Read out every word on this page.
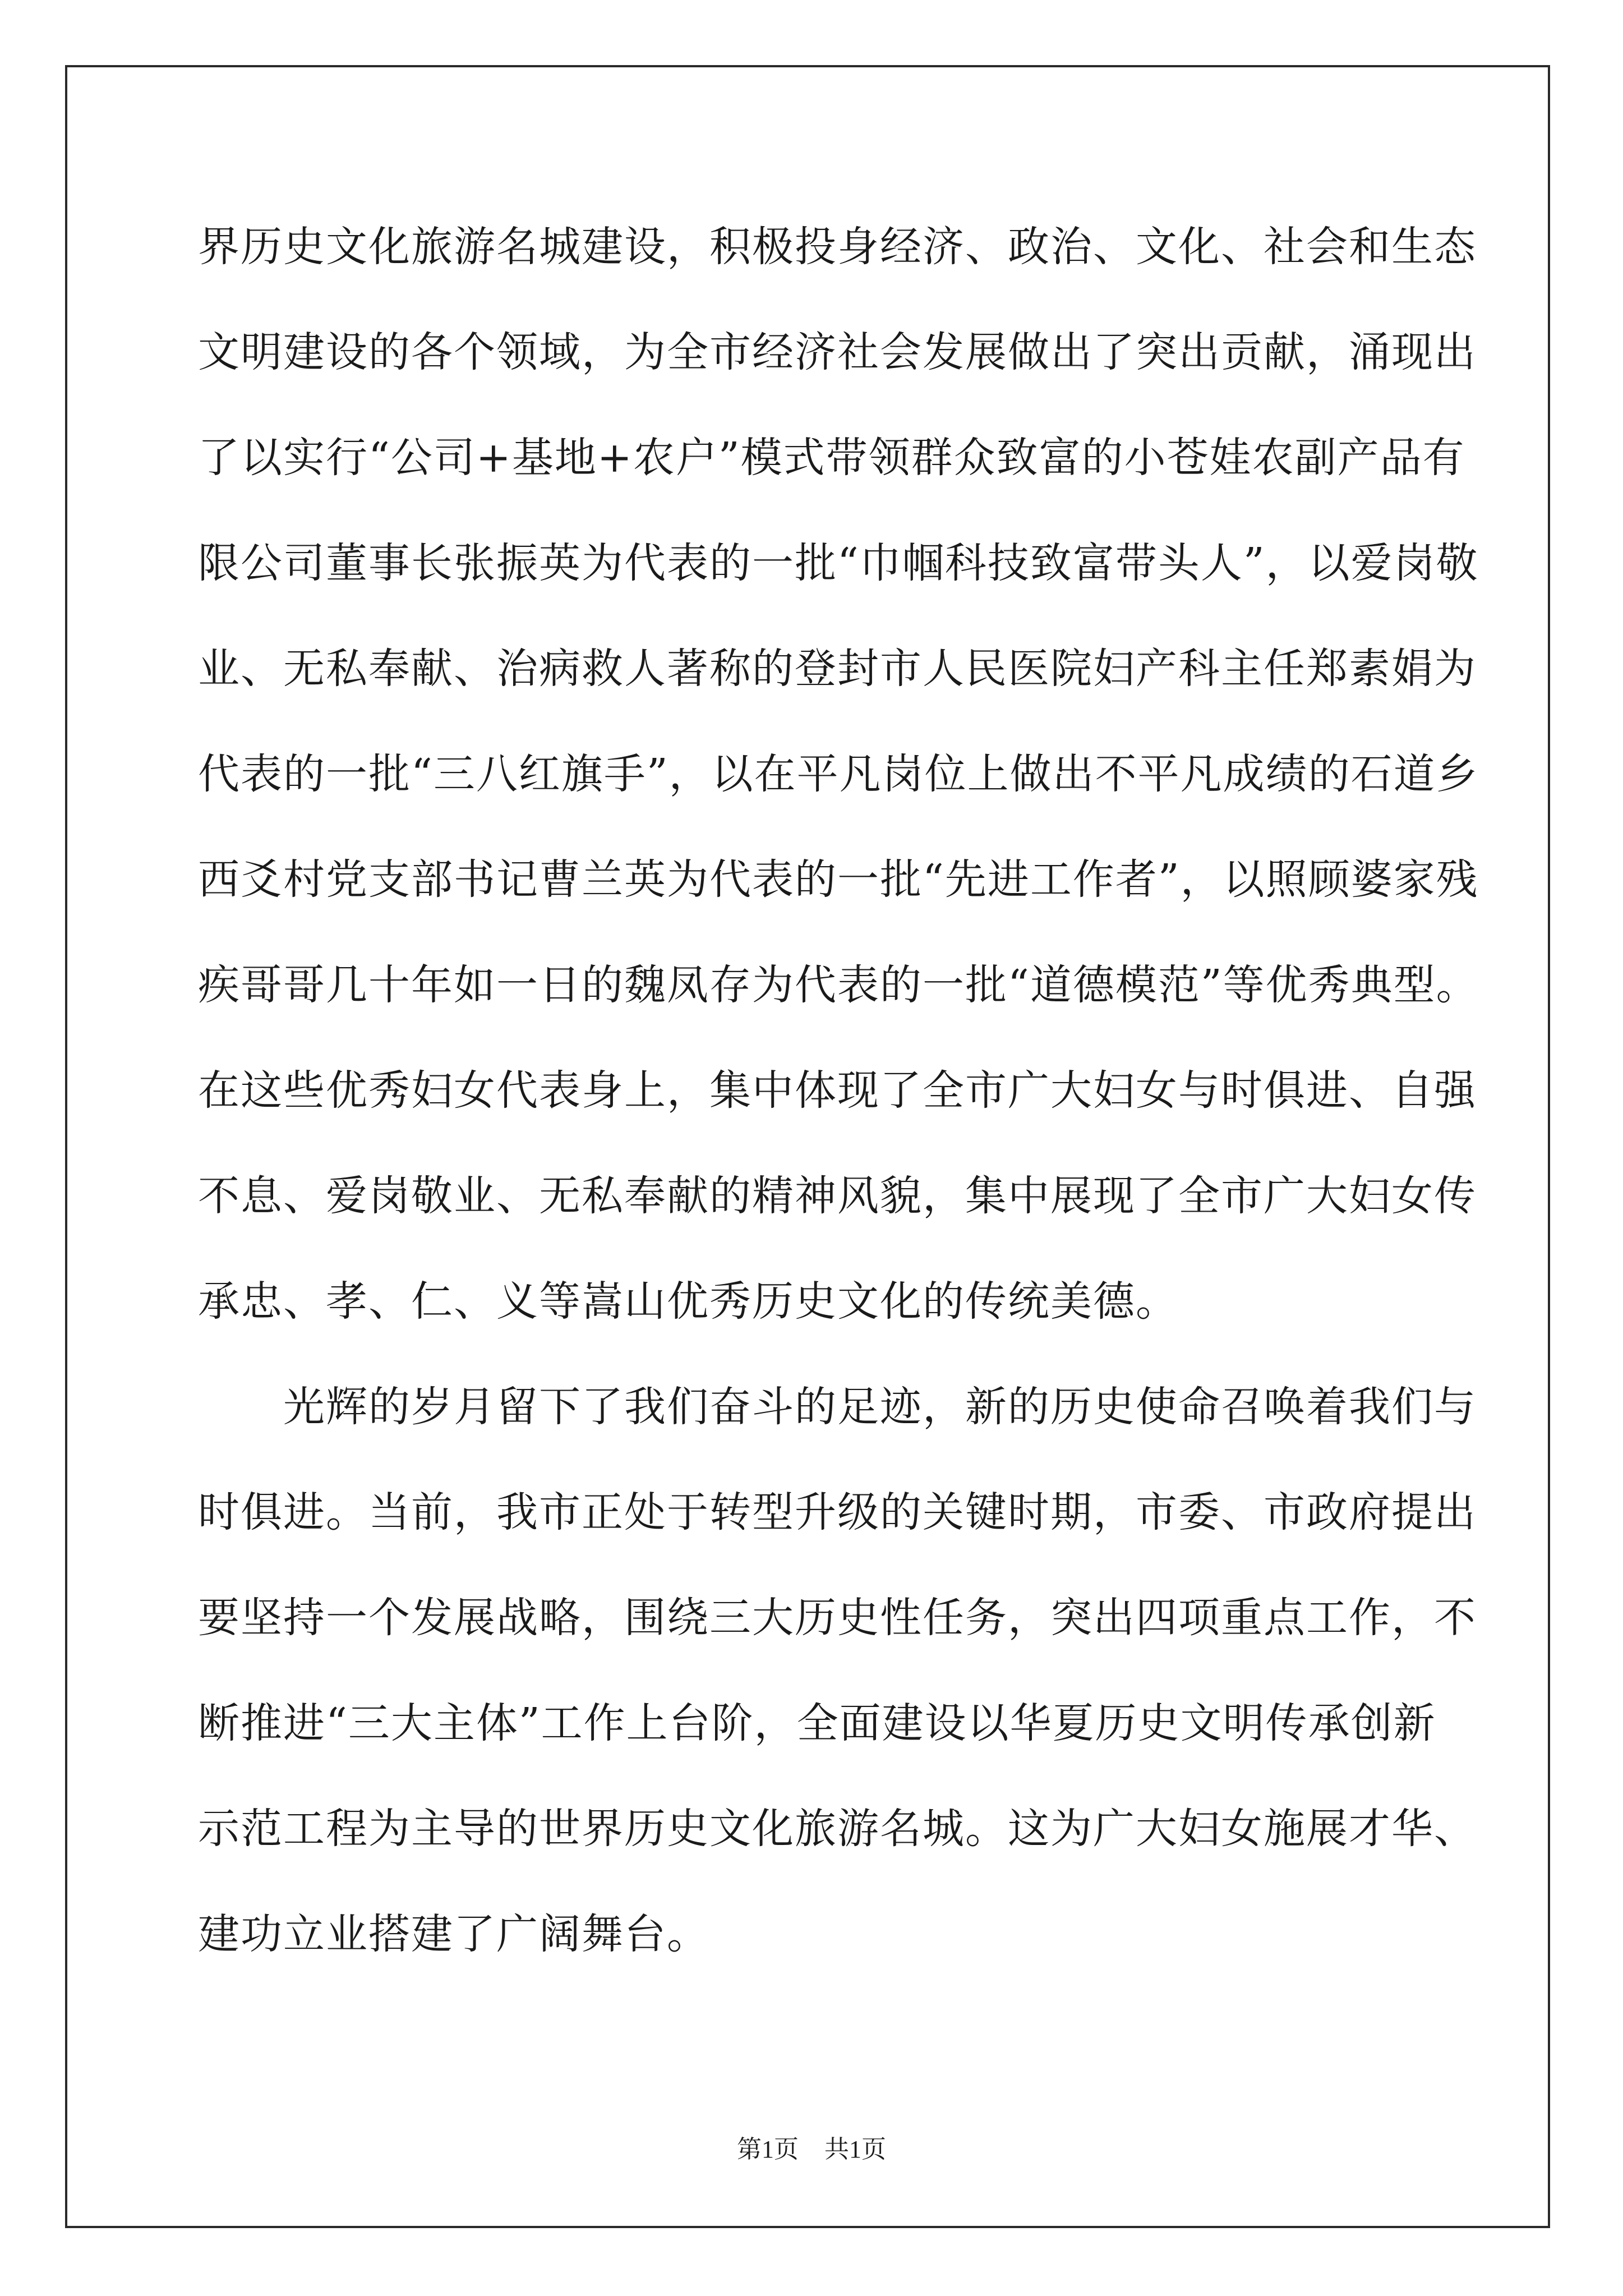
界历史文化旅游名城建设，积极投身经济、政治、文化、社会和生态
文明建设的各个领域，为全市经济社会发展做出了突出贡献，涌现出
了以实行“公司+基地+农户”模式带领群众致富的小苍娃农副产品有
限公司董事长张振英为代表的一批“巾帼科技致富带头人”，以爱岗敬
业、无私奉献、治病救人著称的登封市人民医院妇产科主任郑素娟为
代表的一批“三八红旗手”，以在平凡岗位上做出不平凡成绩的石道乡
西爻村党支部书记曹兰英为代表的一批“先进工作者”，以照顾婆家残
疾哥哥几十年如一日的魏凤存为代表的一批“道德模范”等优秀典型。
在这些优秀妇女代表身上，集中体现了全市广大妇女与时俱进、自强
不息、爱岗敬业、无私奉献的精神风貌，集中展现了全市广大妇女传
承忠、孝、仁、义等嵩山优秀历史文化的传统美德。
光辉的岁月留下了我们奋斗的足迹，新的历史使命召唤着我们与
时俱进。当前，我市正处于转型升级的关键时期，市委、市政府提出
要坚持一个发展战略，围绕三大历史性任务，突出四项重点工作，不
断推进“三大主体”工作上台阶，全面建设以华夏历史文明传承创新
示范工程为主导的世界历史文化旅游名城。这为广大妇女施展才华、
建功立业搭建了广阔舞台。
第1页 共1页
